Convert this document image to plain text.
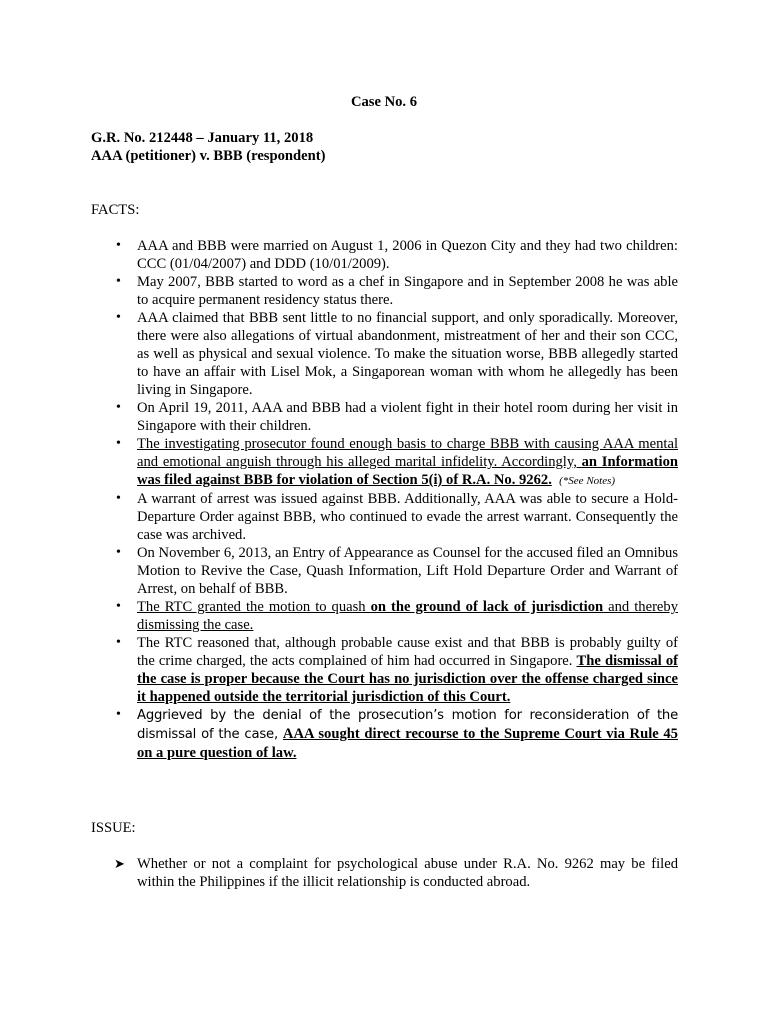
Case No. 6
G.R. No. 212448 – January 11, 2018
AAA (petitioner) v. BBB (respondent)
FACTS:
• AAA and BBB were married on August 1, 2006 in Quezon City and they had two children: CCC (01/04/2007) and DDD (10/01/2009).
• May 2007, BBB started to word as a chef in Singapore and in September 2008 he was able to acquire permanent residency status there.
• AAA claimed that BBB sent little to no financial support, and only sporadically. Moreover, there were also allegations of virtual abandonment, mistreatment of her and their son CCC, as well as physical and sexual violence. To make the situation worse, BBB allegedly started to have an affair with Lisel Mok, a Singaporean woman with whom he allegedly has been living in Singapore.
• On April 19, 2011, AAA and BBB had a violent fight in their hotel room during her visit in Singapore with their children.
• The investigating prosecutor found enough basis to charge BBB with causing AAA mental and emotional anguish through his alleged marital infidelity. Accordingly, an Information was filed against BBB for violation of Section 5(i) of R.A. No. 9262. (*See Notes)
• A warrant of arrest was issued against BBB. Additionally, AAA was able to secure a Hold-Departure Order against BBB, who continued to evade the arrest warrant. Consequently the case was archived.
• On November 6, 2013, an Entry of Appearance as Counsel for the accused filed an Omnibus Motion to Revive the Case, Quash Information, Lift Hold Departure Order and Warrant of Arrest, on behalf of BBB.
• The RTC granted the motion to quash on the ground of lack of jurisdiction and thereby dismissing the case.
• The RTC reasoned that, although probable cause exist and that BBB is probably guilty of the crime charged, the acts complained of him had occurred in Singapore. The dismissal of the case is proper because the Court has no jurisdiction over the offense charged since it happened outside the territorial jurisdiction of this Court.
• Aggrieved by the denial of the prosecution’s motion for reconsideration of the dismissal of the case, AAA sought direct recourse to the Supreme Court via Rule 45 on a pure question of law.
ISSUE:
➤ Whether or not a complaint for psychological abuse under R.A. No. 9262 may be filed within the Philippines if the illicit relationship is conducted abroad.
